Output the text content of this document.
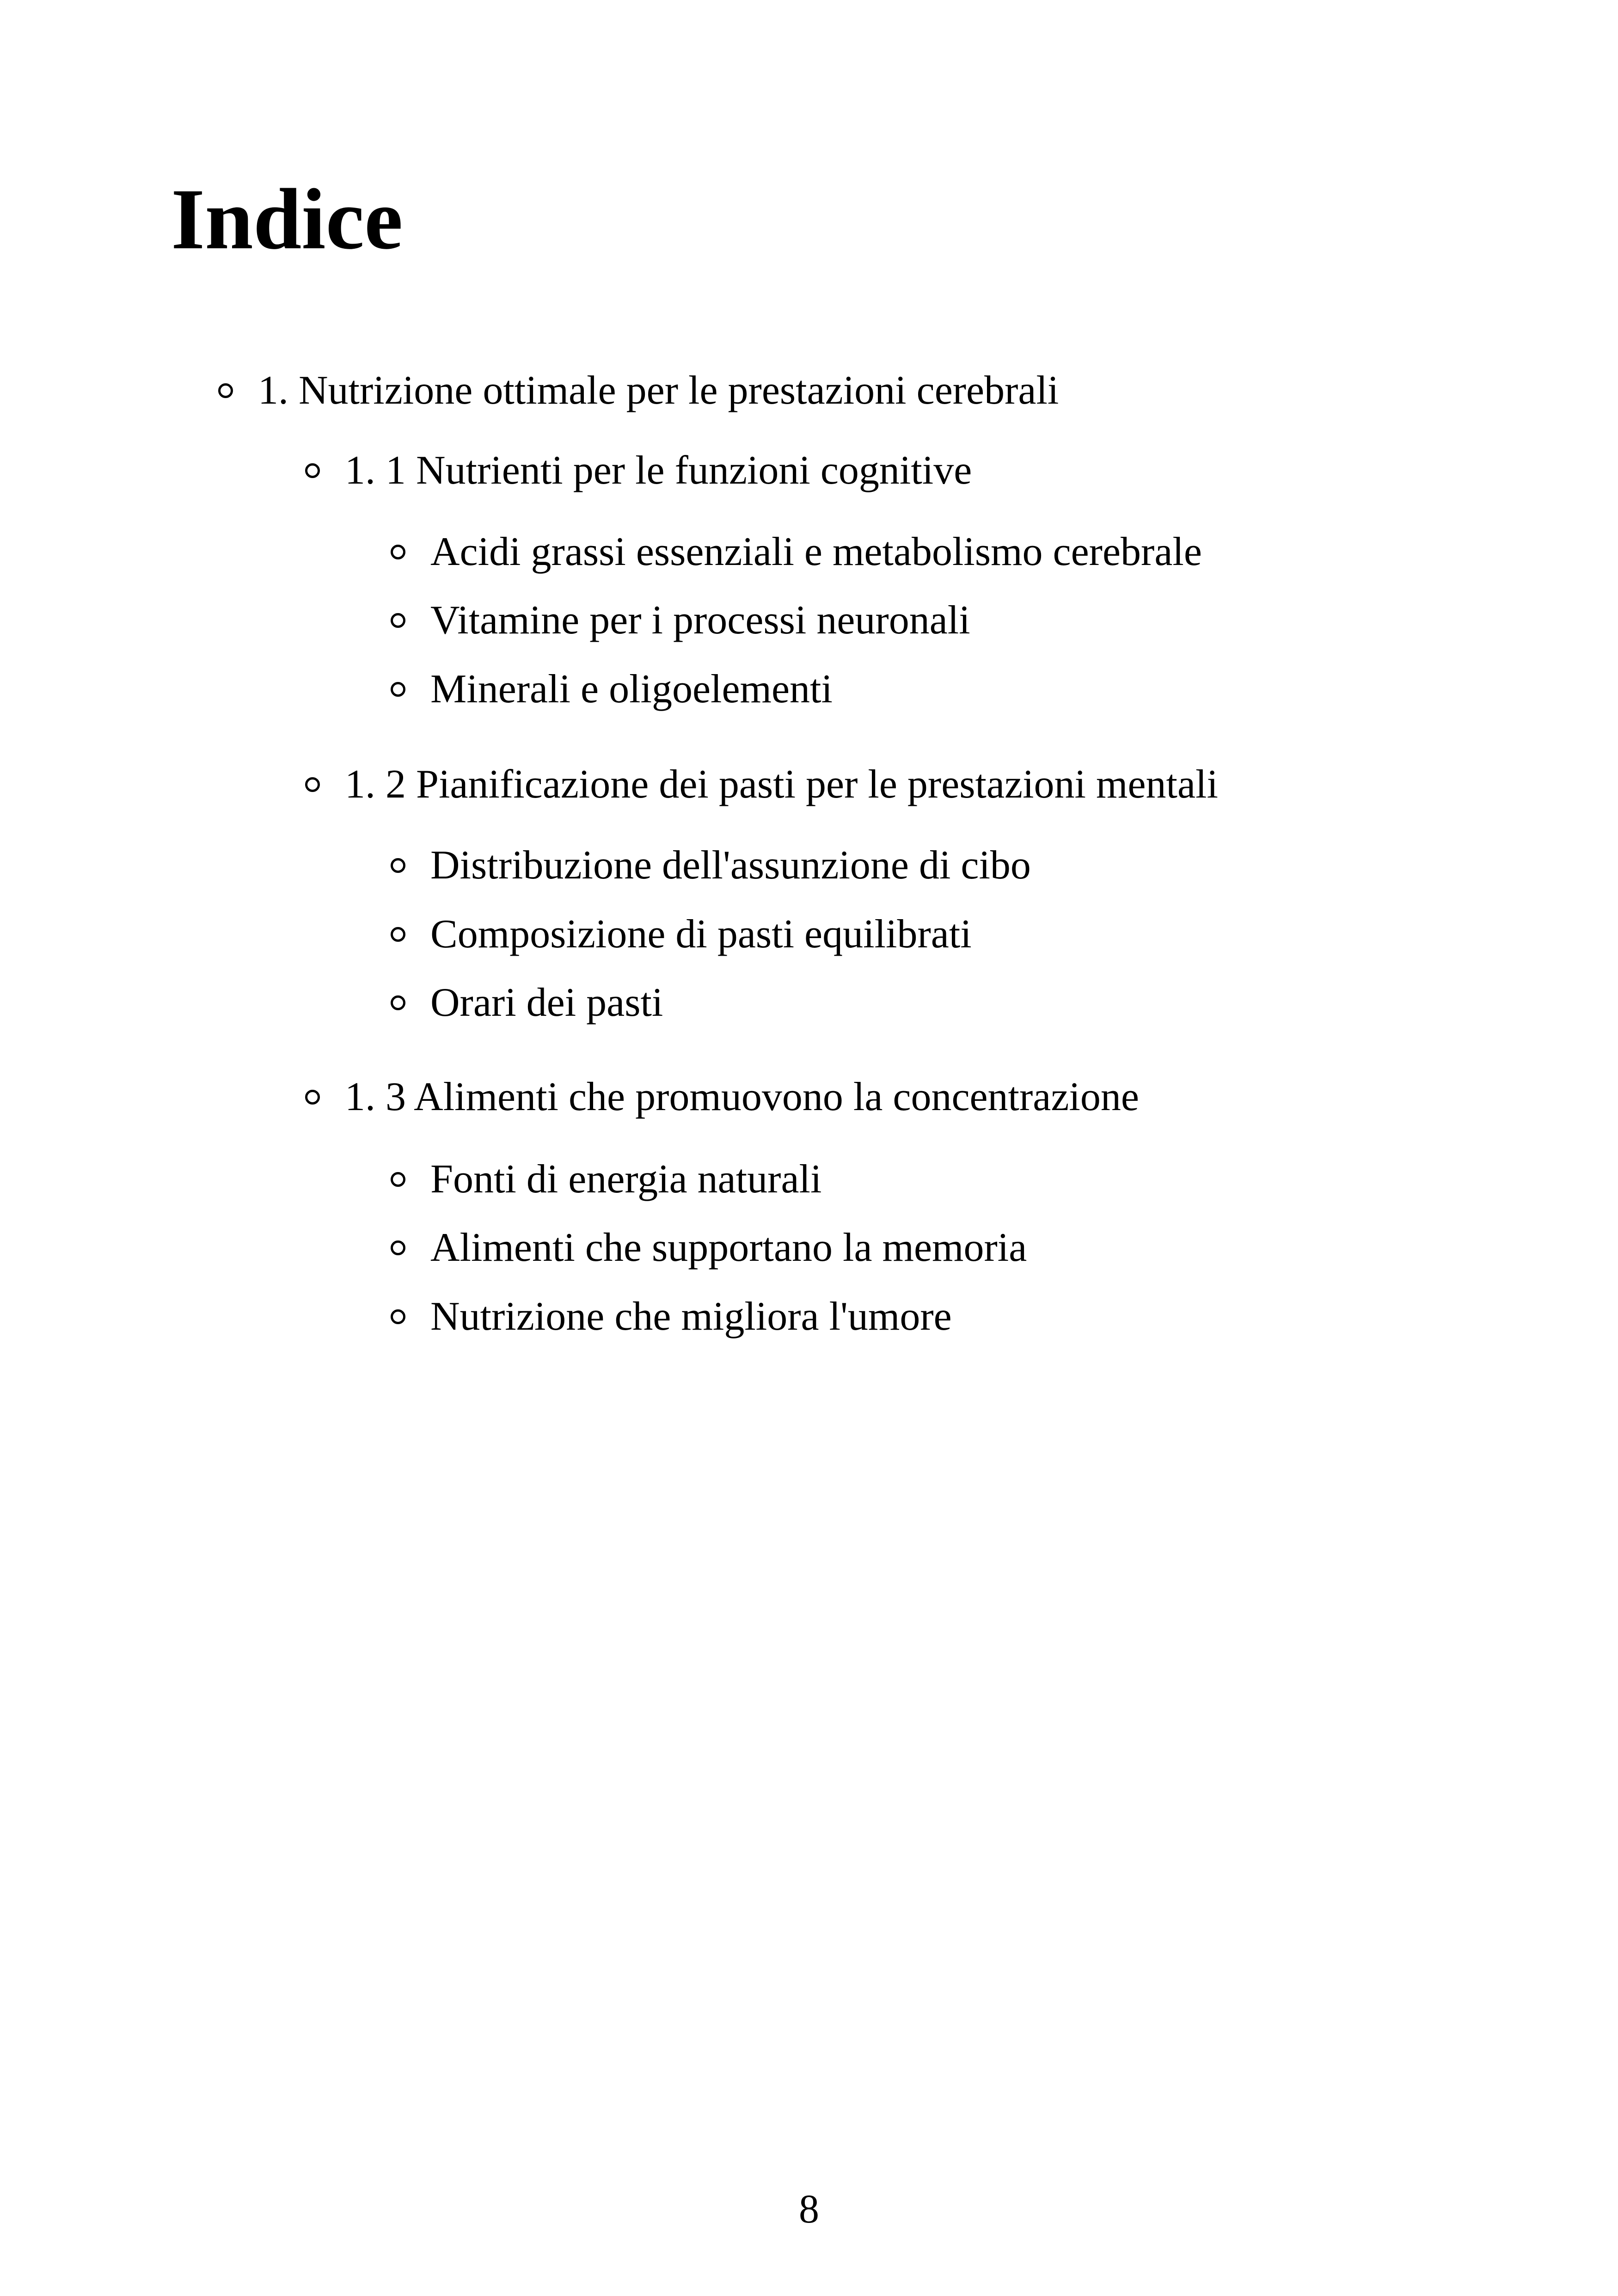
Indice
1. Nutrizione ottimale per le prestazioni cerebrali
1. 1 Nutrienti per le funzioni cognitive
Acidi grassi essenziali e metabolismo cerebrale
Vitamine per i processi neuronali
Minerali e oligoelementi
1. 2 Pianificazione dei pasti per le prestazioni mentali
Distribuzione dell'assunzione di cibo
Composizione di pasti equilibrati
Orari dei pasti
1. 3 Alimenti che promuovono la concentrazione
Fonti di energia naturali
Alimenti che supportano la memoria
Nutrizione che migliora l'umore
8
